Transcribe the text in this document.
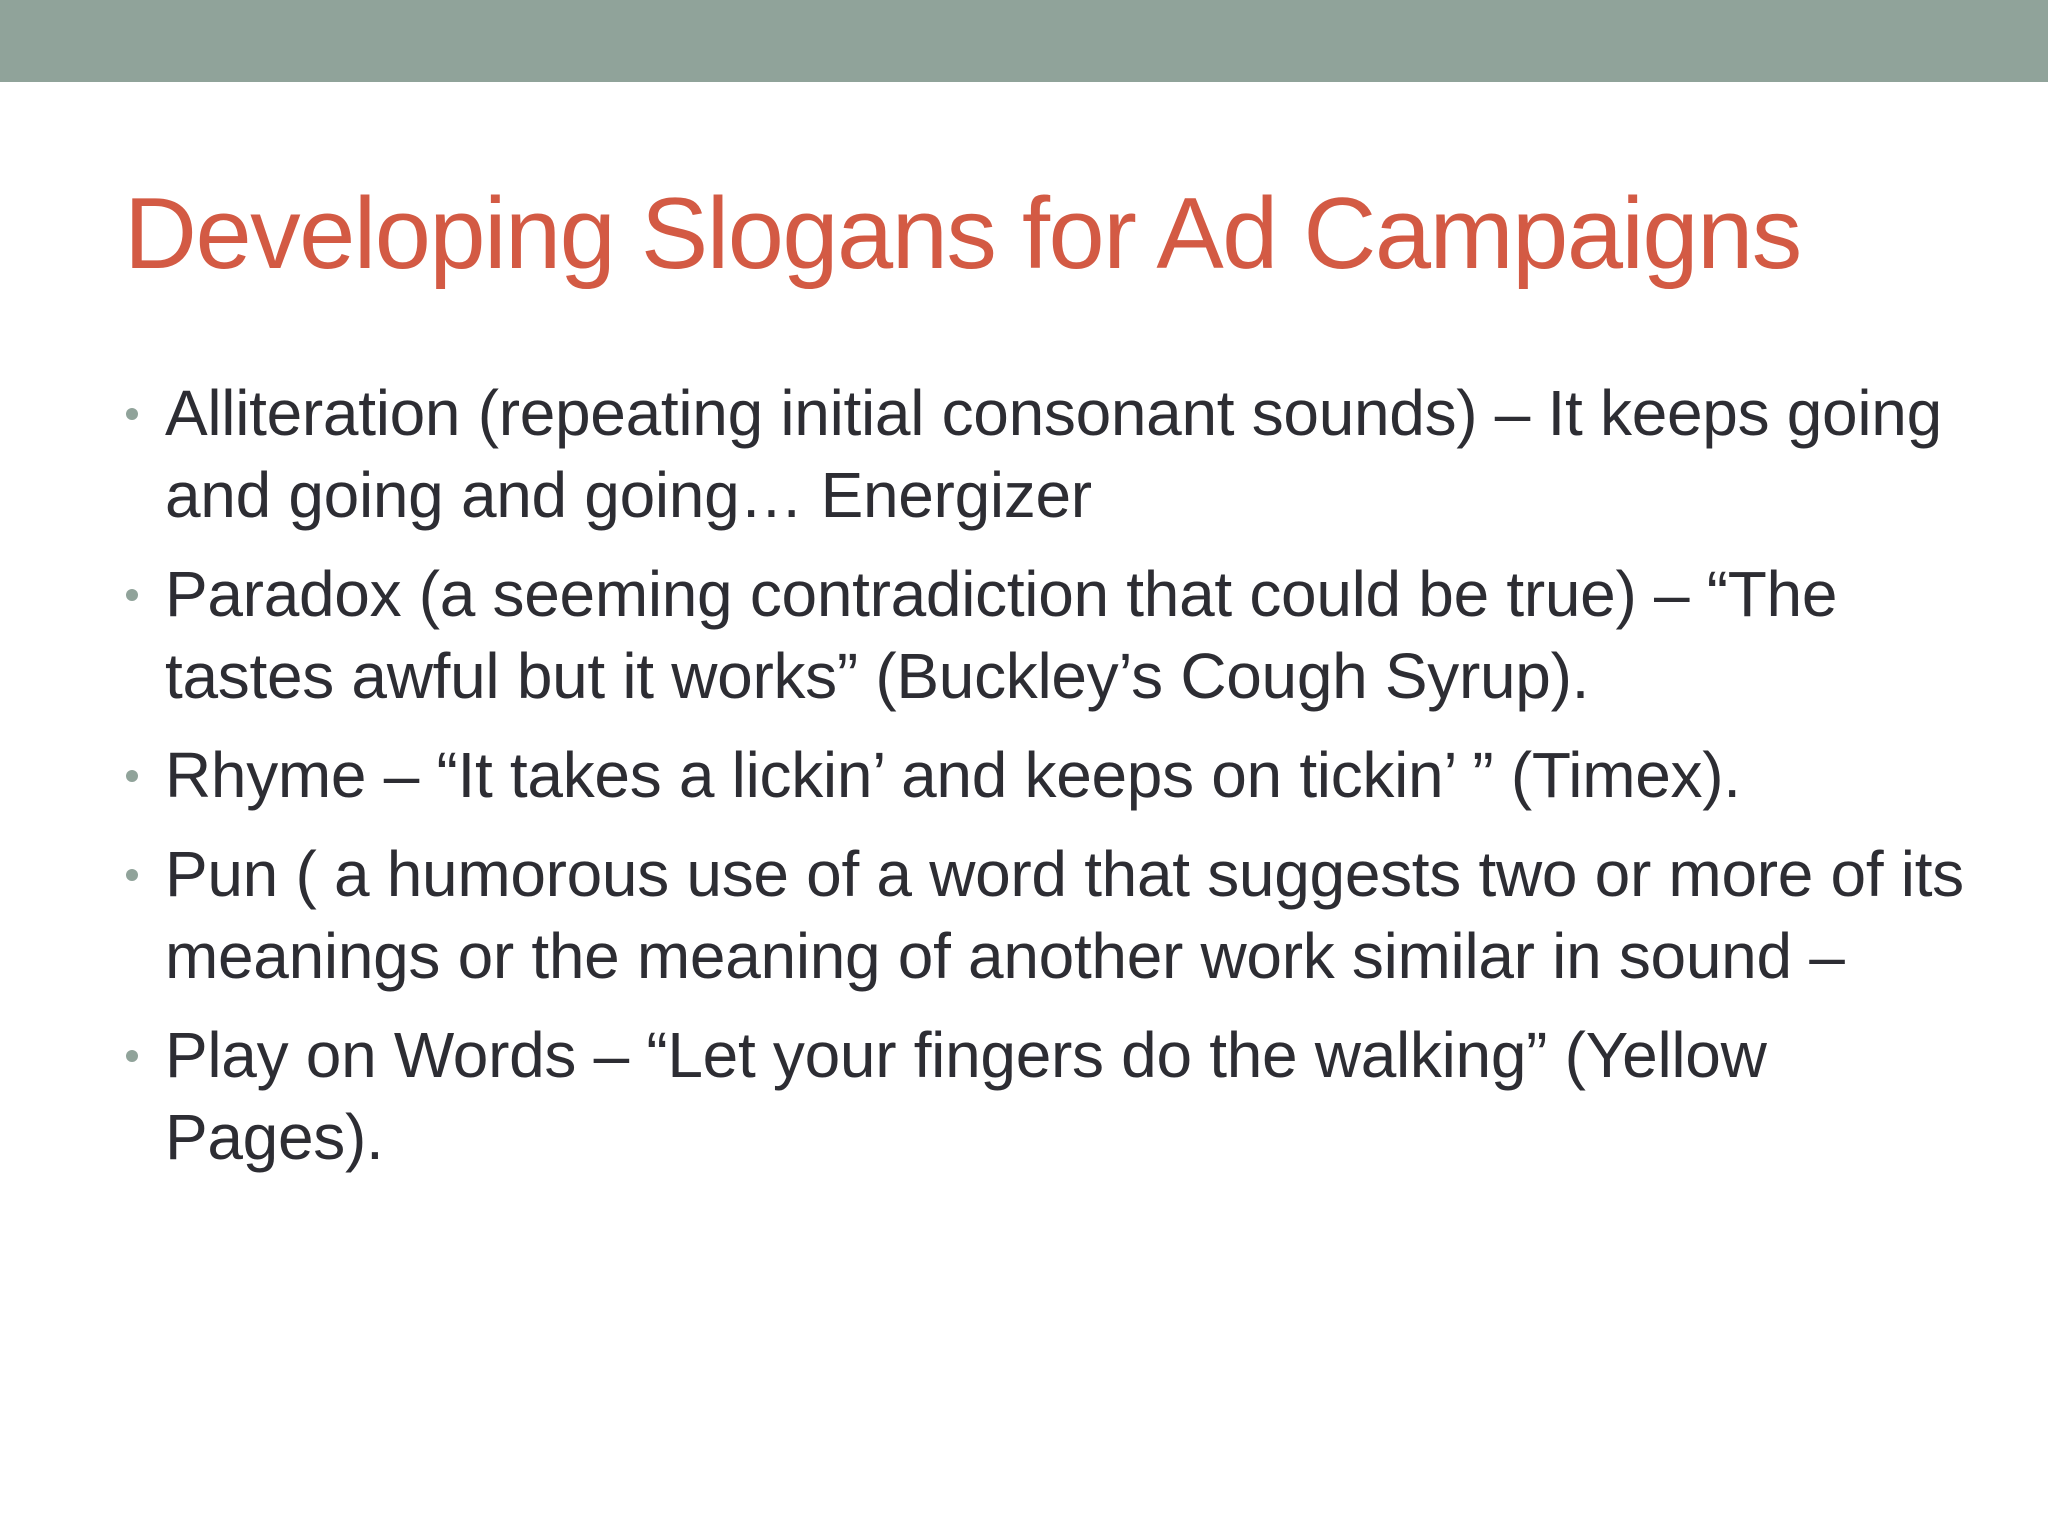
Developing Slogans for Ad Campaigns
Alliteration (repeating initial consonant sounds) – It keeps going and going and going… Energizer
Paradox (a seeming contradiction that could be true) – “The tastes awful but it works” (Buckley’s Cough Syrup).
Rhyme – “It takes a lickin’ and keeps on tickin’ ” (Timex).
Pun ( a humorous use of a word that suggests two or more of its meanings or the meaning of another work similar in sound –
Play on Words – “Let your fingers do the walking” (Yellow Pages).
